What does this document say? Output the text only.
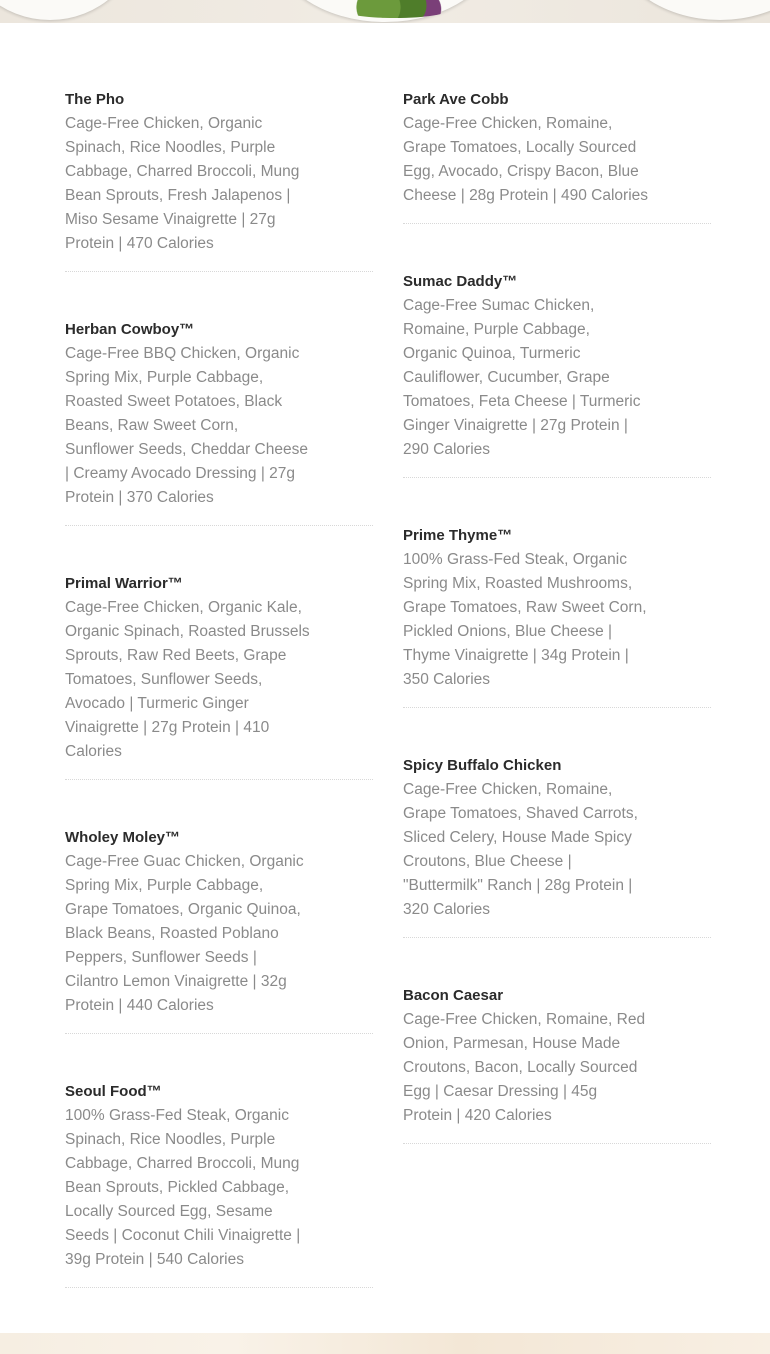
The Pho
Cage-Free Chicken, Organic Spinach, Rice Noodles, Purple Cabbage, Charred Broccoli, Mung Bean Sprouts, Fresh Jalapenos | Miso Sesame Vinaigrette | 27g Protein | 470 Calories
Herban Cowboy™
Cage-Free BBQ Chicken, Organic Spring Mix, Purple Cabbage, Roasted Sweet Potatoes, Black Beans, Raw Sweet Corn, Sunflower Seeds, Cheddar Cheese | Creamy Avocado Dressing | 27g Protein | 370 Calories
Primal Warrior™
Cage-Free Chicken, Organic Kale, Organic Spinach, Roasted Brussels Sprouts, Raw Red Beets, Grape Tomatoes, Sunflower Seeds, Avocado | Turmeric Ginger Vinaigrette | 27g Protein | 410 Calories
Wholey Moley™
Cage-Free Guac Chicken, Organic Spring Mix, Purple Cabbage, Grape Tomatoes, Organic Quinoa, Black Beans, Roasted Poblano Peppers, Sunflower Seeds | Cilantro Lemon Vinaigrette | 32g Protein | 440 Calories
Seoul Food™
100% Grass-Fed Steak, Organic Spinach, Rice Noodles, Purple Cabbage, Charred Broccoli, Mung Bean Sprouts, Pickled Cabbage, Locally Sourced Egg, Sesame Seeds | Coconut Chili Vinaigrette | 39g Protein | 540 Calories
Park Ave Cobb
Cage-Free Chicken, Romaine, Grape Tomatoes, Locally Sourced Egg, Avocado, Crispy Bacon, Blue Cheese | 28g Protein | 490 Calories
Sumac Daddy™
Cage-Free Sumac Chicken, Romaine, Purple Cabbage, Organic Quinoa, Turmeric Cauliflower, Cucumber, Grape Tomatoes, Feta Cheese | Turmeric Ginger Vinaigrette | 27g Protein | 290 Calories
Prime Thyme™
100% Grass-Fed Steak, Organic Spring Mix, Roasted Mushrooms, Grape Tomatoes, Raw Sweet Corn, Pickled Onions, Blue Cheese | Thyme Vinaigrette | 34g Protein | 350 Calories
Spicy Buffalo Chicken
Cage-Free Chicken, Romaine, Grape Tomatoes, Shaved Carrots, Sliced Celery, House Made Spicy Croutons, Blue Cheese | "Buttermilk" Ranch | 28g Protein | 320 Calories
Bacon Caesar
Cage-Free Chicken, Romaine, Red Onion, Parmesan, House Made Croutons, Bacon, Locally Sourced Egg | Caesar Dressing | 45g Protein | 420 Calories
